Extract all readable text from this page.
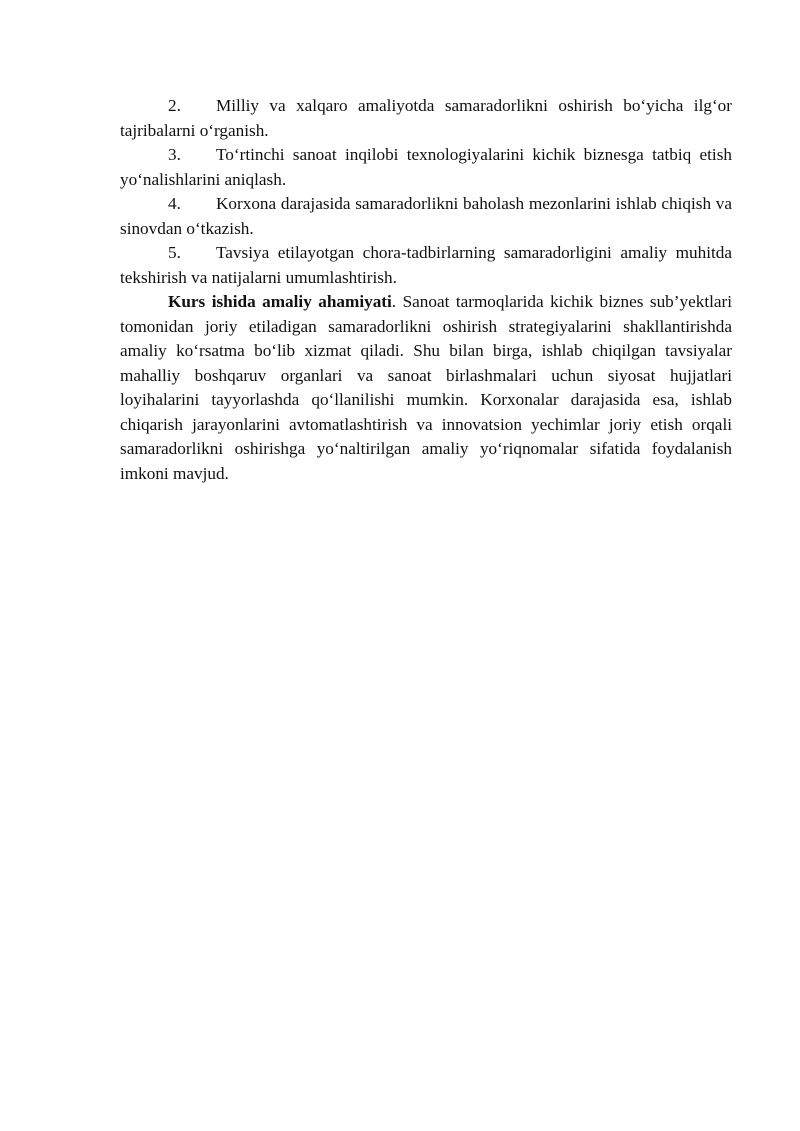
2. Milliy va xalqaro amaliyotda samaradorlikni oshirish bo‘yicha ilg‘or tajribalarni o‘rganish.

3. To‘rtinchi sanoat inqilobi texnologiyalarini kichik biznesga tatbiq etish yo‘nalishlarini aniqlash.

4. Korxona darajasida samaradorlikni baholash mezonlarini ishlab chiqish va sinovdan o‘tkazish.

5. Tavsiya etilayotgan chora-tadbirlarning samaradorligini amaliy muhitda tekshirish va natijalarni umumlashtirish.

Kurs ishida amaliy ahamiyati. Sanoat tarmoqlarida kichik biznes sub’yektlari tomonidan joriy etiladigan samaradorlikni oshirish strategiyalarini shakllantirishda amaliy ko‘rsatma bo‘lib xizmat qiladi. Shu bilan birga, ishlab chiqilgan tavsiyalar mahalliy boshqaruv organlari va sanoat birlashmalari uchun siyosat hujjatlari loyihalarini tayyorlashda qo‘llanilishi mumkin. Korxonalar darajasida esa, ishlab chiqarish jarayonlarini avtomatlashtirish va innovatsion yechimlar joriy etish orqali samaradorlikni oshirishga yo‘naltirilgan amaliy yo‘riqnomalar sifatida foydalanish imkoni mavjud.
